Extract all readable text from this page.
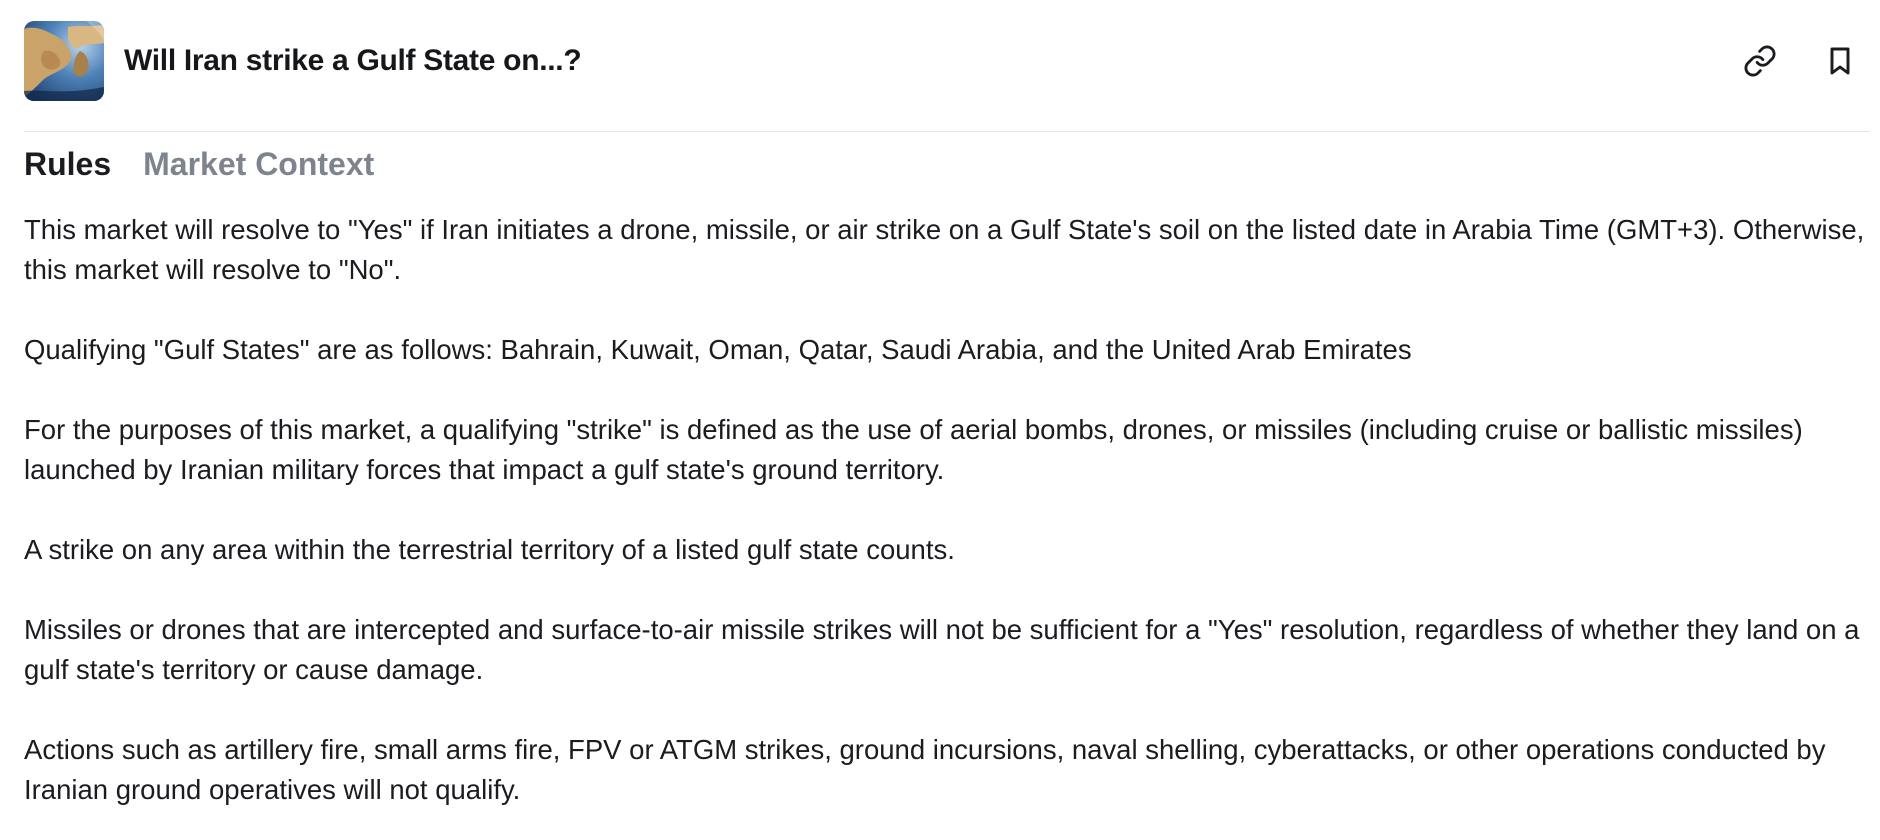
Will Iran strike a Gulf State on...?
Rules Market Context

This market will resolve to "Yes" if Iran initiates a drone, missile, or air strike on a Gulf State's soil on the listed date in Arabia Time (GMT+3). Otherwise, this market will resolve to "No".

Qualifying "Gulf States" are as follows: Bahrain, Kuwait, Oman, Qatar, Saudi Arabia, and the United Arab Emirates

For the purposes of this market, a qualifying "strike" is defined as the use of aerial bombs, drones, or missiles (including cruise or ballistic missiles) launched by Iranian military forces that impact a gulf state's ground territory.

A strike on any area within the terrestrial territory of a listed gulf state counts.

Missiles or drones that are intercepted and surface-to-air missile strikes will not be sufficient for a "Yes" resolution, regardless of whether they land on a gulf state's territory or cause damage.

Actions such as artillery fire, small arms fire, FPV or ATGM strikes, ground incursions, naval shelling, cyberattacks, or other operations conducted by Iranian ground operatives will not qualify.
